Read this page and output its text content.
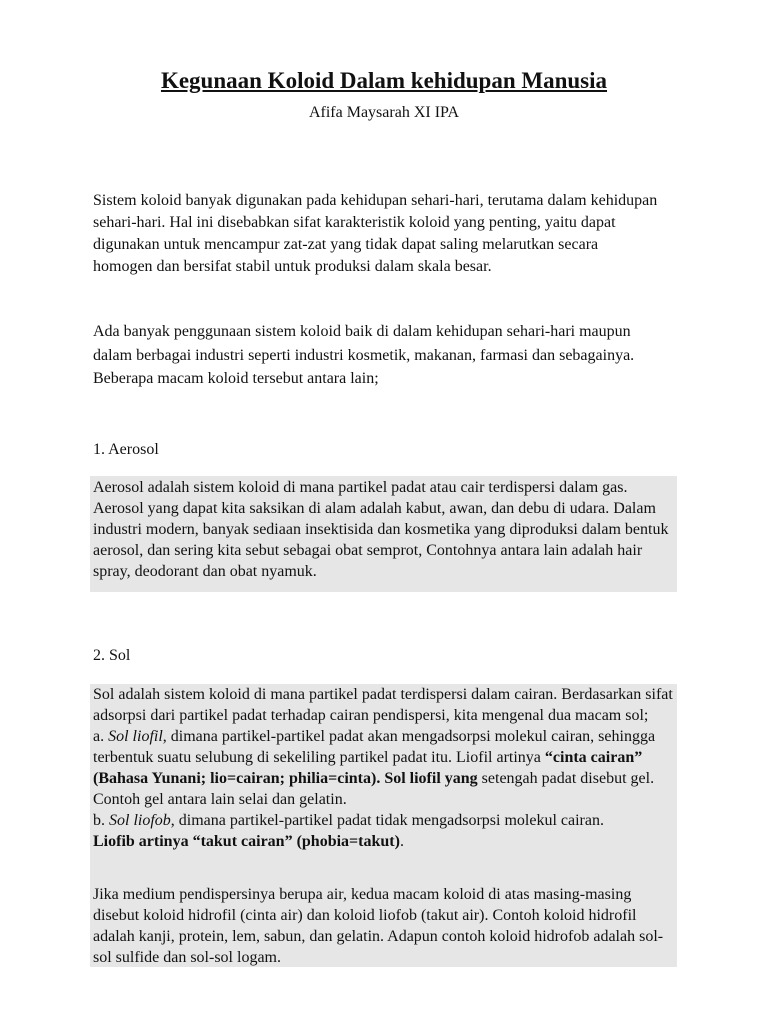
Kegunaan Koloid Dalam kehidupan Manusia
Afifa Maysarah XI IPA

Sistem koloid banyak digunakan pada kehidupan sehari-hari, terutama dalam kehidupan sehari-hari. Hal ini disebabkan sifat karakteristik koloid yang penting, yaitu dapat digunakan untuk mencampur zat-zat yang tidak dapat saling melarutkan secara homogen dan bersifat stabil untuk produksi dalam skala besar.

Ada banyak penggunaan sistem koloid baik di dalam kehidupan sehari-hari maupun dalam berbagai industri seperti industri kosmetik, makanan, farmasi dan sebagainya. Beberapa macam koloid tersebut antara lain;

1. Aerosol

Aerosol adalah sistem koloid di mana partikel padat atau cair terdispersi dalam gas. Aerosol yang dapat kita saksikan di alam adalah kabut, awan, dan debu di udara. Dalam industri modern, banyak sediaan insektisida dan kosmetika yang diproduksi dalam bentuk aerosol, dan sering kita sebut sebagai obat semprot, Contohnya antara lain adalah hair spray, deodorant dan obat nyamuk.

2. Sol

Sol adalah sistem koloid di mana partikel padat terdispersi dalam cairan. Berdasarkan sifat adsorpsi dari partikel padat terhadap cairan pendispersi, kita mengenal dua macam sol;
a. Sol liofil, dimana partikel-partikel padat akan mengadsorpsi molekul cairan, sehingga terbentuk suatu selubung di sekeliling partikel padat itu. Liofil artinya “cinta cairan” (Bahasa Yunani; lio=cairan; philia=cinta). Sol liofil yang setengah padat disebut gel. Contoh gel antara lain selai dan gelatin.
b. Sol liofob, dimana partikel-partikel padat tidak mengadsorpsi molekul cairan.
Liofib artinya “takut cairan” (phobia=takut).

Jika medium pendispersinya berupa air, kedua macam koloid di atas masing-masing disebut koloid hidrofil (cinta air) dan koloid liofob (takut air). Contoh koloid hidrofil adalah kanji, protein, lem, sabun, dan gelatin. Adapun contoh koloid hidrofob adalah sol-sol sulfide dan sol-sol logam.
